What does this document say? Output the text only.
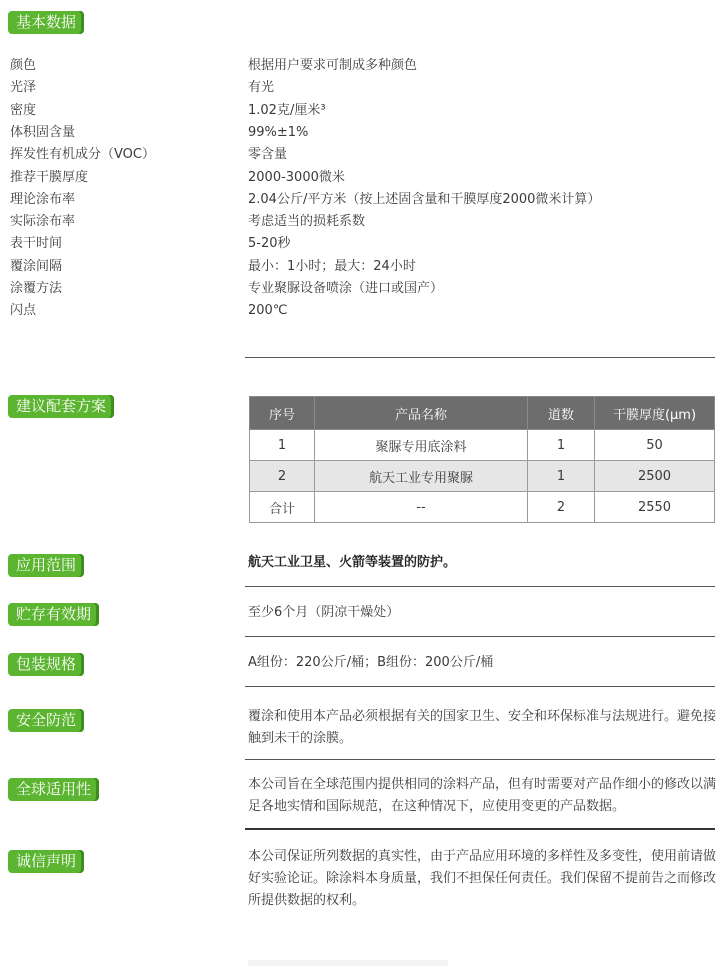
基本数据
颜色	根据用户要求可制成多种颜色
光泽	有光
密度	1.02克/厘米³
体积固含量	99%±1%
挥发性有机成分（VOC）	零含量
推荐干膜厚度	2000-3000微米
理论涂布率	2.04公斤/平方米（按上述固含量和干膜厚度2000微米计算）
实际涂布率	考虑适当的损耗系数
表干时间	5-20秒
覆涂间隔	最小：1小时；最大：24小时
涂覆方法	专业聚脲设备喷涂（进口或国产）
闪点	200℃
建议配套方案	序号	产品名称	道数	干膜厚度(μm)
1	聚脲专用底涂料	1	50
2	航天工业专用聚脲	1	2500
合计	--	2	2550
应用范围	航天工业卫星、火箭等装置的防护。
贮存有效期	至少6个月（阴凉干燥处）
包装规格	A组份：220公斤/桶；B组份：200公斤/桶
安全防范	覆涂和使用本产品必须根据有关的国家卫生、安全和环保标准与法规进行。避免接触到未干的涂膜。
全球适用性	本公司旨在全球范围内提供相同的涂料产品，但有时需要对产品作细小的修改以满足各地实情和国际规范，在这种情况下，应使用变更的产品数据。
诚信声明	本公司保证所列数据的真实性，由于产品应用环境的多样性及多变性，使用前请做好实验论证。除涂料本身质量，我们不担保任何责任。我们保留不提前告之而修改所提供数据的权利。
